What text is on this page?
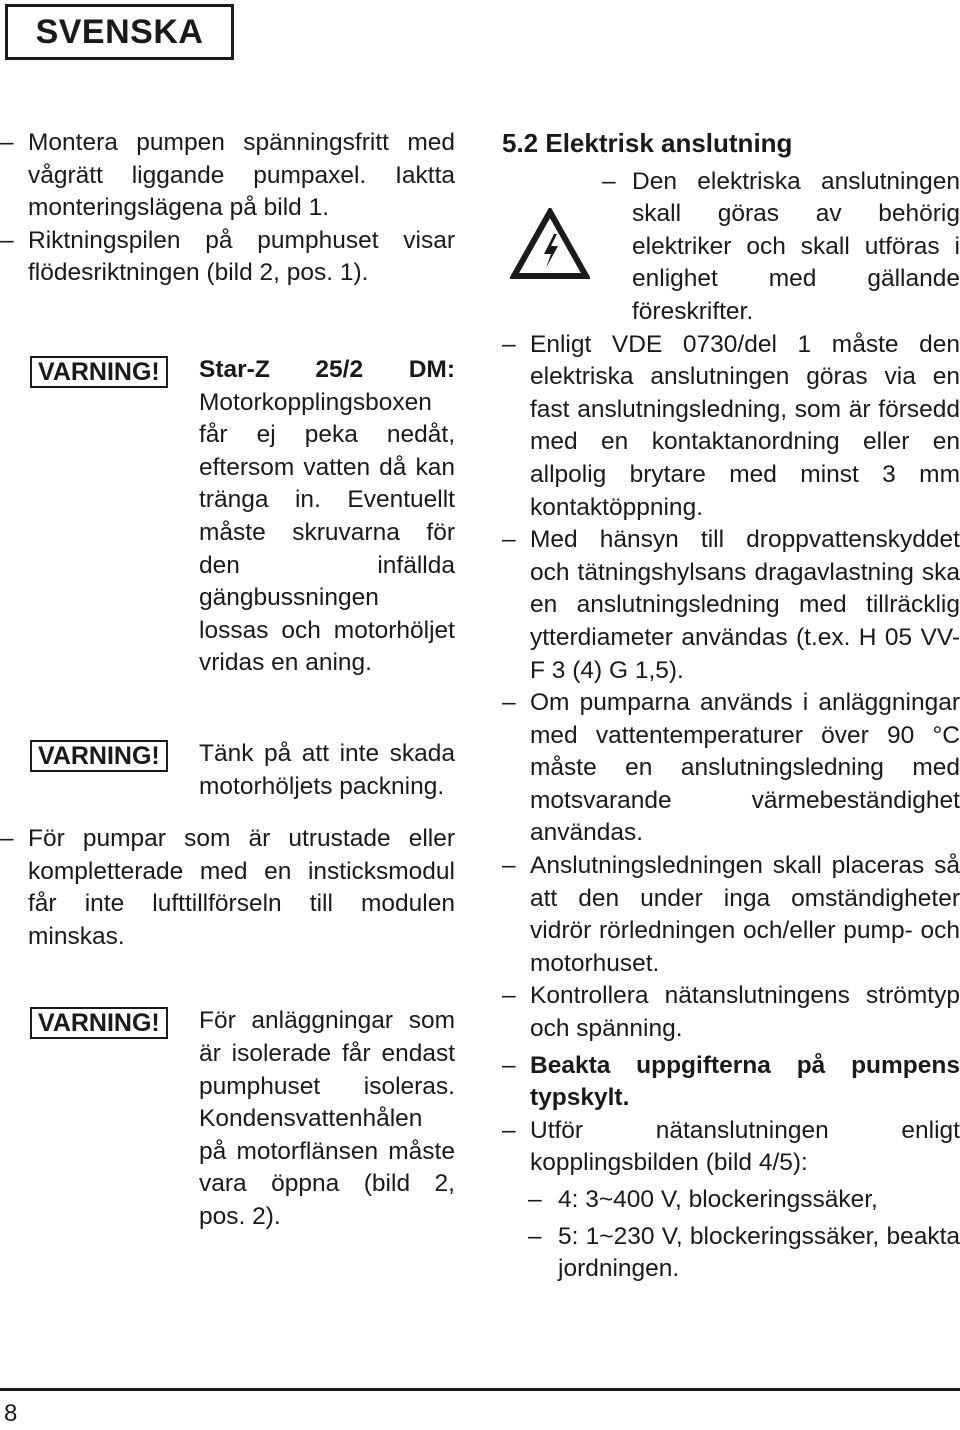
SVENSKA
– Montera pumpen spänningsfritt med vågrätt liggande pumpaxel. Iaktta monteringslägena på bild 1.
– Riktningspilen på pumphuset visar flödesriktningen (bild 2, pos. 1).
VARNING!	Star-Z 25/2 DM: Motorkopplingsboxen får ej peka nedåt, eftersom vatten då kan tränga in. Eventuellt måste skruvarna för den infällda gängbussningen lossas och motorhöljet vridas en aning.
VARNING!	Tänk på att inte skada motorhöljets packning.
– För pumpar som är utrustade eller kompletterade med en insticksmodul får inte lufttillförseln till modulen minskas.
VARNING!	För anläggningar som är isolerade får endast pumphuset isoleras. Kondensvattenhålen på motorflänsen måste vara öppna (bild 2, pos. 2).
5.2 Elektrisk anslutning
– Den elektriska anslutningen skall göras av behörig elektriker och skall utföras i enlighet med gällande föreskrifter.
– Enligt VDE 0730/del 1 måste den elektriska anslutningen göras via en fast anslutningsledning, som är försedd med en kontaktanordning eller en allpolig brytare med minst 3 mm kontaktöppning.
– Med hänsyn till droppvattenskyddet och tätningshylsans dragavlastning ska en anslutningsledning med tillräcklig ytterdiameter användas (t.ex. H 05 VV-F 3 (4) G 1,5).
– Om pumparna används i anläggningar med vattentemperaturer över 90 °C måste en anslutningsledning med motsvarande värmebeständighet användas.
– Anslutningsledningen skall placeras så att den under inga omständigheter vidrör rörledningen och/eller pump- och motorhuset.
– Kontrollera nätanslutningens strömtyp och spänning.
– Beakta uppgifterna på pumpens typskylt.
– Utför nätanslutningen enligt kopplingsbilden (bild 4/5):
– 4: 3~400 V, blockeringssäker,
– 5: 1~230 V, blockeringssäker, beakta jordningen.
8
